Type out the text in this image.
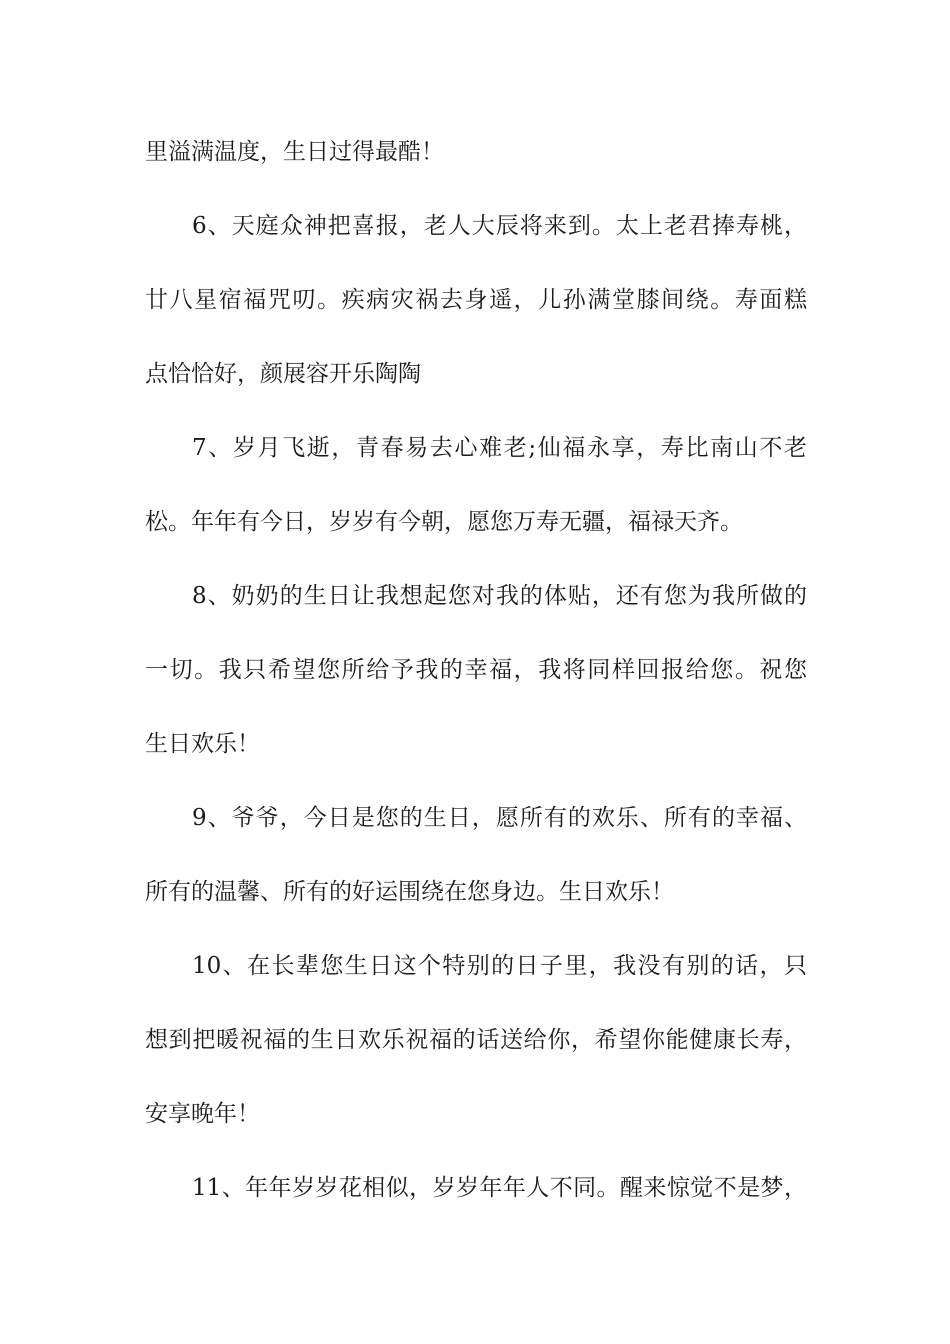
里溢满温度，生日过得最酷！
6、天庭众神把喜报，老人大辰将来到。太上老君捧寿桃，
廿八星宿福咒叨。疾病灾祸去身遥，儿孙满堂膝间绕。寿面糕
点恰恰好，颜展容开乐陶陶
7、岁月飞逝，青春易去心难老;仙福永享，寿比南山不老
松。年年有今日，岁岁有今朝，愿您万寿无疆，福禄天齐。
8、奶奶的生日让我想起您对我的体贴，还有您为我所做的
一切。我只希望您所给予我的幸福，我将同样回报给您。祝您
生日欢乐！
9、爷爷，今日是您的生日，愿所有的欢乐、所有的幸福、
所有的温馨、所有的好运围绕在您身边。生日欢乐！
10、在长辈您生日这个特别的日子里，我没有别的话，只
想到把暖祝福的生日欢乐祝福的话送给你，希望你能健康长寿，
安享晚年！
11、年年岁岁花相似，岁岁年年人不同。醒来惊觉不是梦，
